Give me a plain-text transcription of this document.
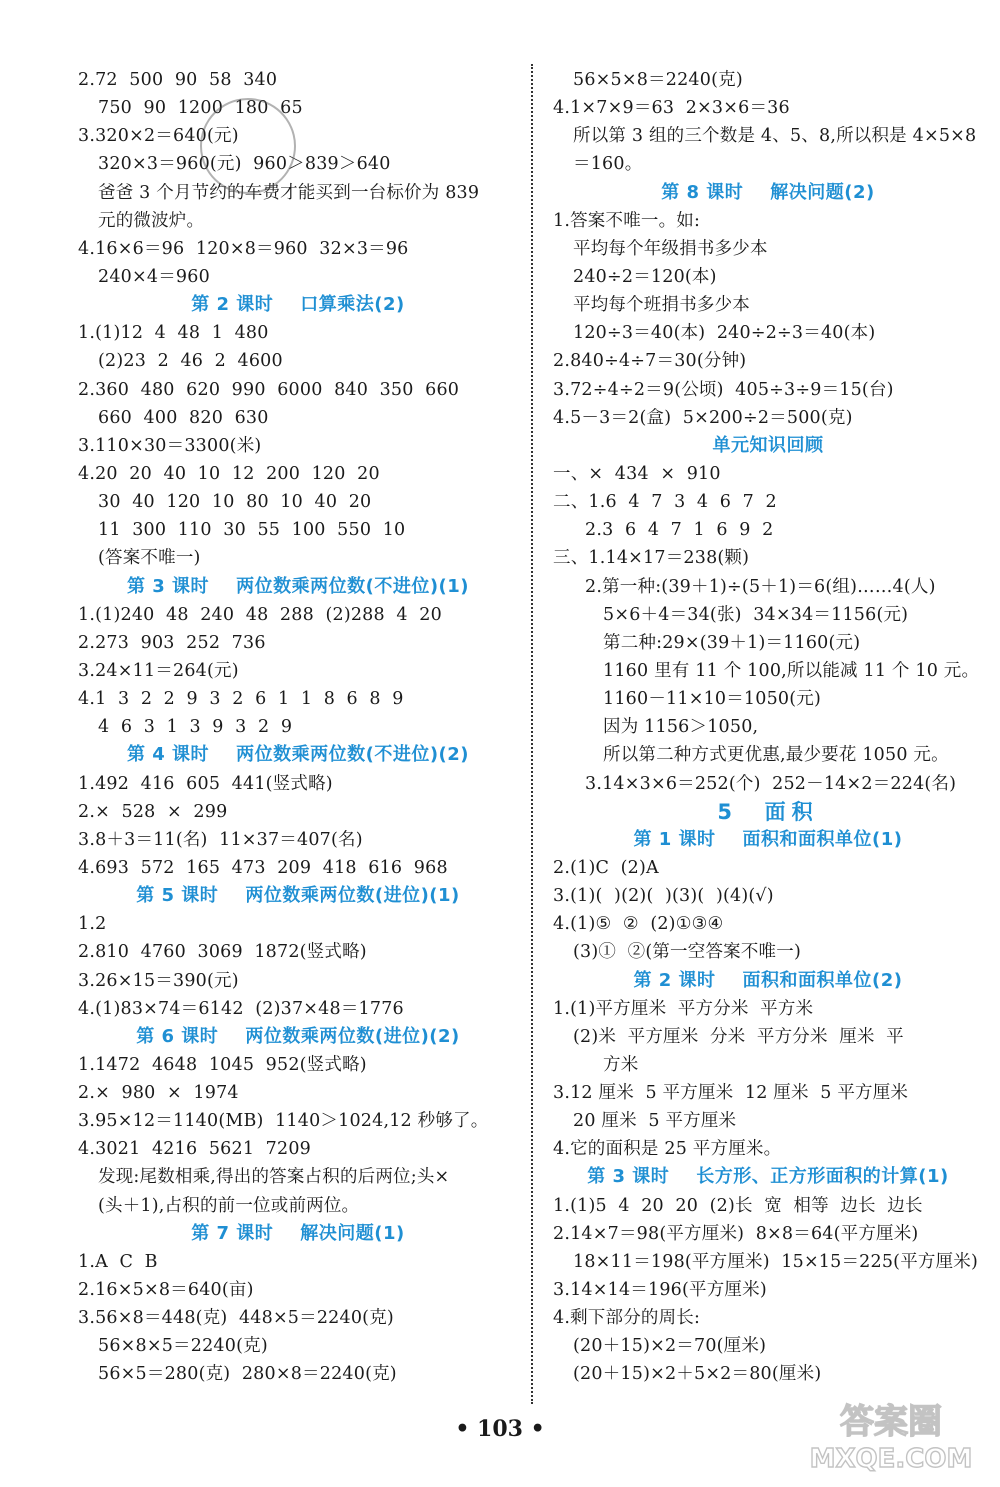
2.72  500  90  58  340
750  90  1200  180  65
3.320×2＝640(元)
320×3＝960(元)  960＞839＞640
爸爸 3 个月节约的车费才能买到一台标价为 839
元的微波炉。
4.16×6＝96  120×8＝960  32×3＝96
240×4＝960
第 2 课时    口算乘法(2)
1.(1)12  4  48  1  480
(2)23  2  46  2  4600
2.360  480  620  990  6000  840  350  660
660  400  820  630
3.110×30＝3300(米)
4.20  20  40  10  12  200  120  20
30  40  120  10  80  10  40  20
11  300  110  30  55  100  550  10
(答案不唯一)
第 3 课时    两位数乘两位数(不进位)(1)
1.(1)240  48  240  48  288  (2)288  4  20
2.273  903  252  736
3.24×11＝264(元)
4.1  3  2  2  9  3  2  6  1  1  8  6  8  9
4  6  3  1  3  9  3  2  9
第 4 课时    两位数乘两位数(不进位)(2)
1.492  416  605  441(竖式略)
2.×  528  ×  299
3.8＋3＝11(名)  11×37＝407(名)
4.693  572  165  473  209  418  616  968
第 5 课时    两位数乘两位数(进位)(1)
1.2
2.810  4760  3069  1872(竖式略)
3.26×15＝390(元)
4.(1)83×74＝6142  (2)37×48＝1776
第 6 课时    两位数乘两位数(进位)(2)
1.1472  4648  1045  952(竖式略)
2.×  980  ×  1974
3.95×12＝1140(MB)  1140＞1024,12 秒够了。
4.3021  4216  5621  7209
发现:尾数相乘,得出的答案占积的后两位;头×
(头＋1),占积的前一位或前两位。
第 7 课时    解决问题(1)
1.A  C  B
2.16×5×8＝640(亩)
3.56×8＝448(克)  448×5＝2240(克)
56×8×5＝2240(克)
56×5＝280(克)  280×8＝2240(克)
56×5×8＝2240(克)
4.1×7×9＝63  2×3×6＝36
所以第 3 组的三个数是 4、5、8,所以积是 4×5×8
＝160。
第 8 课时    解决问题(2)
1.答案不唯一。如:
平均每个年级捐书多少本
240÷2＝120(本)
平均每个班捐书多少本
120÷3＝40(本)  240÷2÷3＝40(本)
2.840÷4÷7＝30(分钟)
3.72÷4÷2＝9(公顷)  405÷3÷9＝15(台)
4.5－3＝2(盒)  5×200÷2＝500(克)
单元知识回顾
一、×  434  ×  910
二、1.6  4  7  3  4  6  7  2
2.3  6  4  7  1  6  9  2
三、1.14×17＝238(颗)
2.第一种:(39＋1)÷(5＋1)＝6(组)……4(人)
5×6＋4＝34(张)  34×34＝1156(元)
第二种:29×(39＋1)＝1160(元)
1160 里有 11 个 100,所以能减 11 个 10 元。
1160－11×10＝1050(元)
因为 1156＞1050,
所以第二种方式更优惠,最少要花 1050 元。
3.14×3×6＝252(个)  252－14×2＝224(名)
5  面积
第 1 课时    面积和面积单位(1)
2.(1)C  (2)A
3.(1)(  )(2)(  )(3)(  )(4)(√)
4.(1)⑤  ②  (2)①③④
(3)①  ②(第一空答案不唯一)
第 2 课时    面积和面积单位(2)
1.(1)平方厘米  平方分米  平方米
(2)米  平方厘米  分米  平方分米  厘米  平
方米
3.12 厘米  5 平方厘米  12 厘米  5 平方厘米
20 厘米  5 平方厘米
4.它的面积是 25 平方厘米。
第 3 课时    长方形、正方形面积的计算(1)
1.(1)5  4  20  20  (2)长  宽  相等  边长  边长
2.14×7＝98(平方厘米)  8×8＝64(平方厘米)
18×11＝198(平方厘米)  15×15＝225(平方厘米)
3.14×14＝196(平方厘米)
4.剩下部分的周长:
(20＋15)×2＝70(厘米)
(20＋15)×2＋5×2＝80(厘米)
• 103 •	答案圈
MXQE.COM
